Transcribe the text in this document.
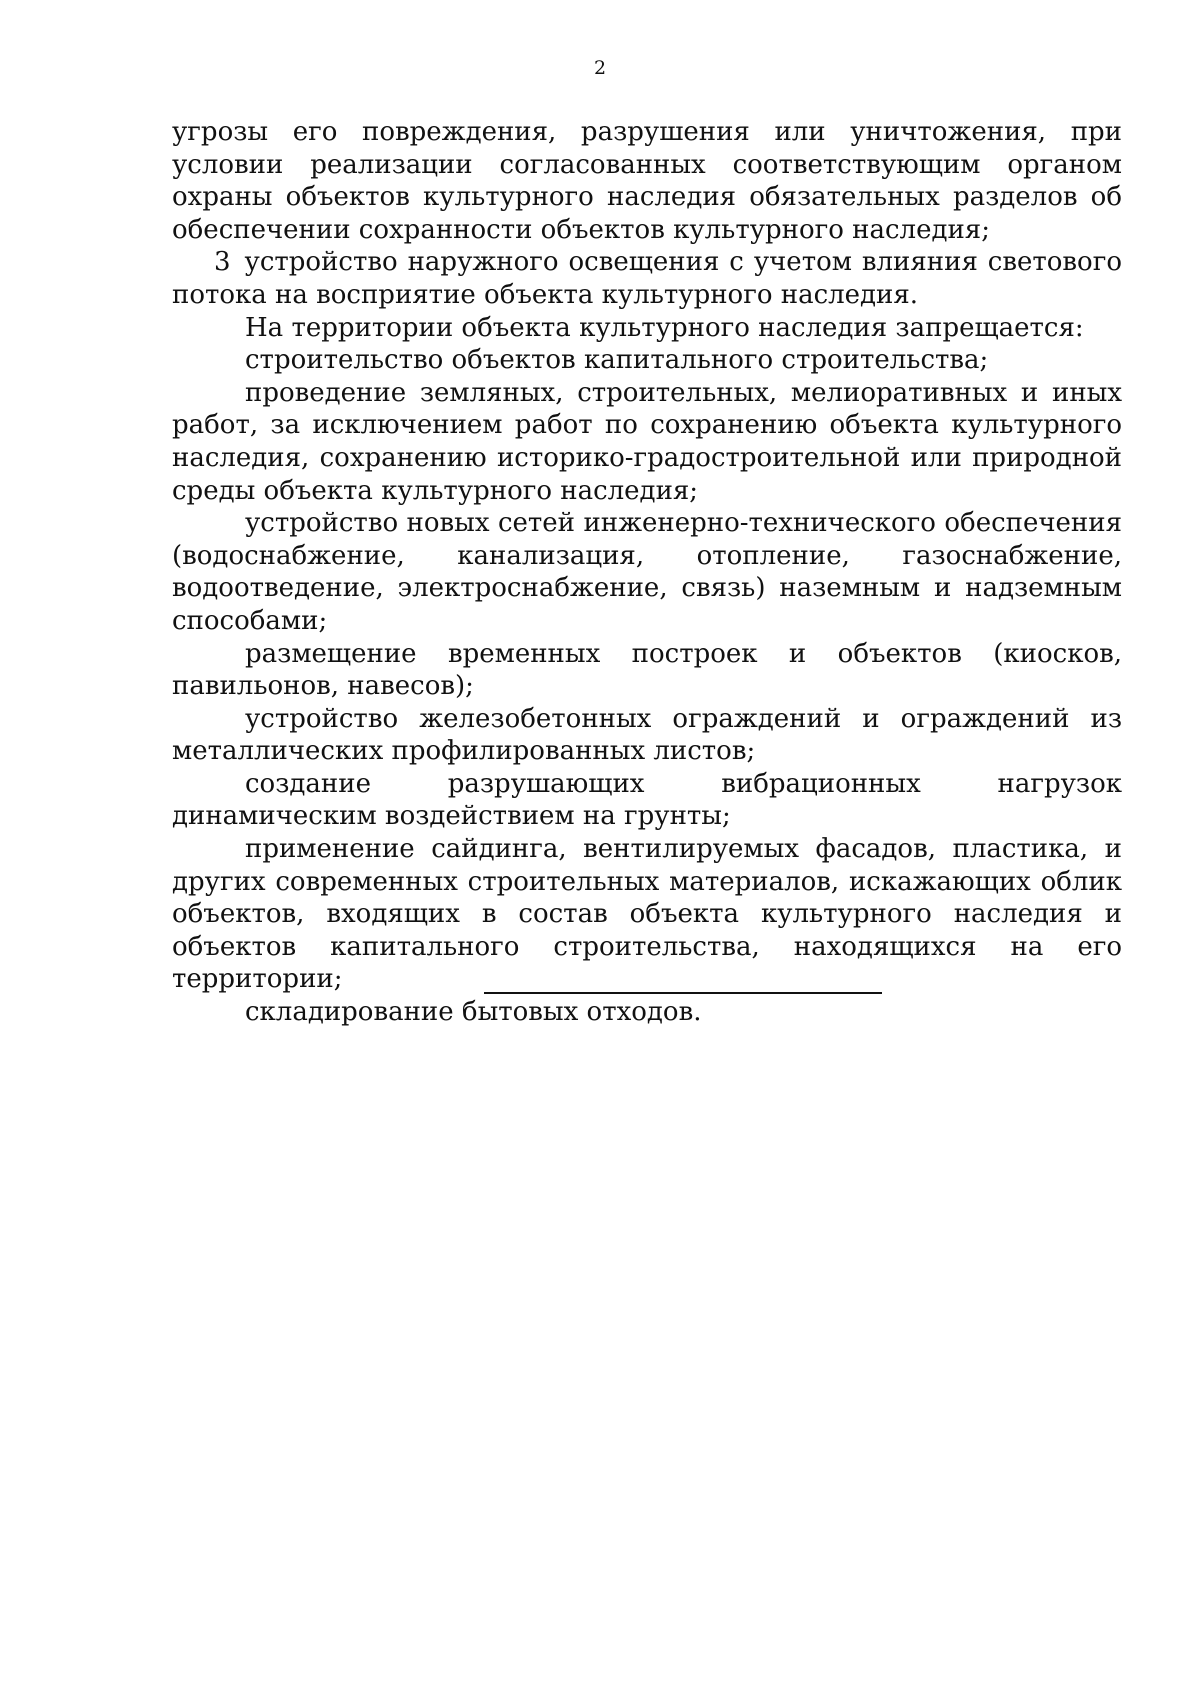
2

угрозы его повреждения, разрушения или уничтожения, при условии реализации согласованных соответствующим органом охраны объектов культурного наследия обязательных разделов об обеспечении сохранности объектов культурного наследия;

3 устройство наружного освещения с учетом влияния светового потока на восприятие объекта культурного наследия.

На территории объекта культурного наследия запрещается:

строительство объектов капитального строительства;

проведение земляных, строительных, мелиоративных и иных работ, за исключением работ по сохранению объекта культурного наследия, сохранению историко-градостроительной или природной среды объекта культурного наследия;

устройство новых сетей инженерно-технического обеспечения (водоснабжение, канализация, отопление, газоснабжение, водоотведение, электроснабжение, связь) наземным и надземным способами;

размещение временных построек и объектов (киосков, павильонов, навесов);

устройство железобетонных ограждений и ограждений из металлических профилированных листов;

создание разрушающих вибрационных нагрузок динамическим воздействием на грунты;

применение сайдинга, вентилируемых фасадов, пластика, и других современных строительных материалов, искажающих облик объектов, входящих в состав объекта культурного наследия и объектов капитального строительства, находящихся на его территории;

складирование бытовых отходов.
